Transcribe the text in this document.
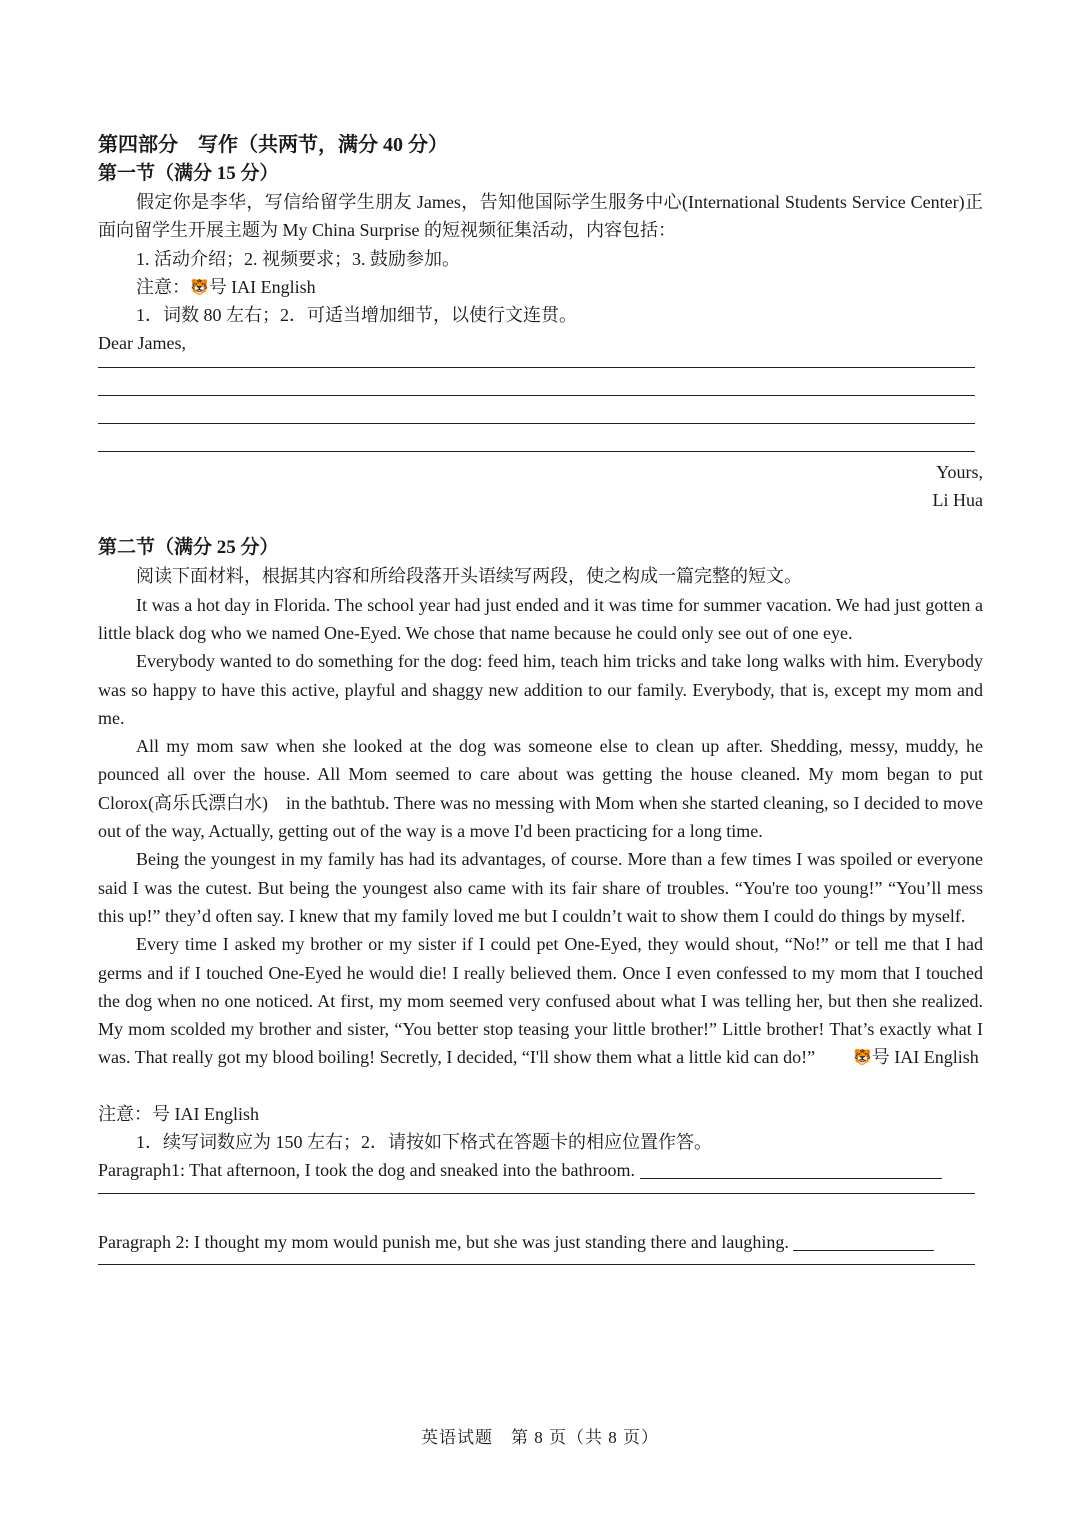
第四部分　写作（共两节，满分 40 分）

第一节（满分 15 分）

假定你是李华，写信给留学生朋友 James，告知他国际学生服务中心(International Students Service Center)正面向留学生开展主题为 My China Surprise 的短视频征集活动，内容包括：

1. 活动介绍；2. 视频要求；3. 鼓励参加。

注意：🐯号 IAI English

1．词数 80 左右；2．可适当增加细节，以使行文连贯。

Dear James,

Yours,
Li Hua

第二节（满分 25 分）

阅读下面材料，根据其内容和所给段落开头语续写两段，使之构成一篇完整的短文。

It was a hot day in Florida. The school year had just ended and it was time for summer vacation. We had just gotten a little black dog who we named One-Eyed. We chose that name because he could only see out of one eye.

Everybody wanted to do something for the dog: feed him, teach him tricks and take long walks with him. Everybody was so happy to have this active, playful and shaggy new addition to our family. Everybody, that is, except my mom and me.

All my mom saw when she looked at the dog was someone else to clean up after. Shedding, messy, muddy, he pounced all over the house. All Mom seemed to care about was getting the house cleaned. My mom began to put Clorox(高乐氏漂白水)　in the bathtub. There was no messing with Mom when she started cleaning, so I decided to move out of the way, Actually, getting out of the way is a move I'd been practicing for a long time.

Being the youngest in my family has had its advantages, of course. More than a few times I was spoiled or everyone said I was the cutest. But being the youngest also came with its fair share of troubles. “You're too young!” “You’ll mess this up!” they’d often say. I knew that my family loved me but I couldn’t wait to show them I could do things by myself.

Every time I asked my brother or my sister if I could pet One-Eyed, they would shout, “No!” or tell me that I had germs and if I touched One-Eyed he would die! I really believed them. Once I even confessed to my mom that I touched the dog when no one noticed. At first, my mom seemed very confused about what I was telling her, but then she realized. My mom scolded my brother and sister, “You better stop teasing your little brother!” Little brother! That’s exactly what I was. That really got my blood boiling! Secretly, I decided, “I'll show them what a little kid can do!”	🐯号 IAI English

注意：号 IAI English

1．续写词数应为 150 左右；2．请按如下格式在答题卡的相应位置作答。

Paragraph1: That afternoon, I took the dog and sneaked into the bathroom.

Paragraph 2: I thought my mom would punish me, but she was just standing there and laughing.

英语试题　第 8 页（共 8 页）
